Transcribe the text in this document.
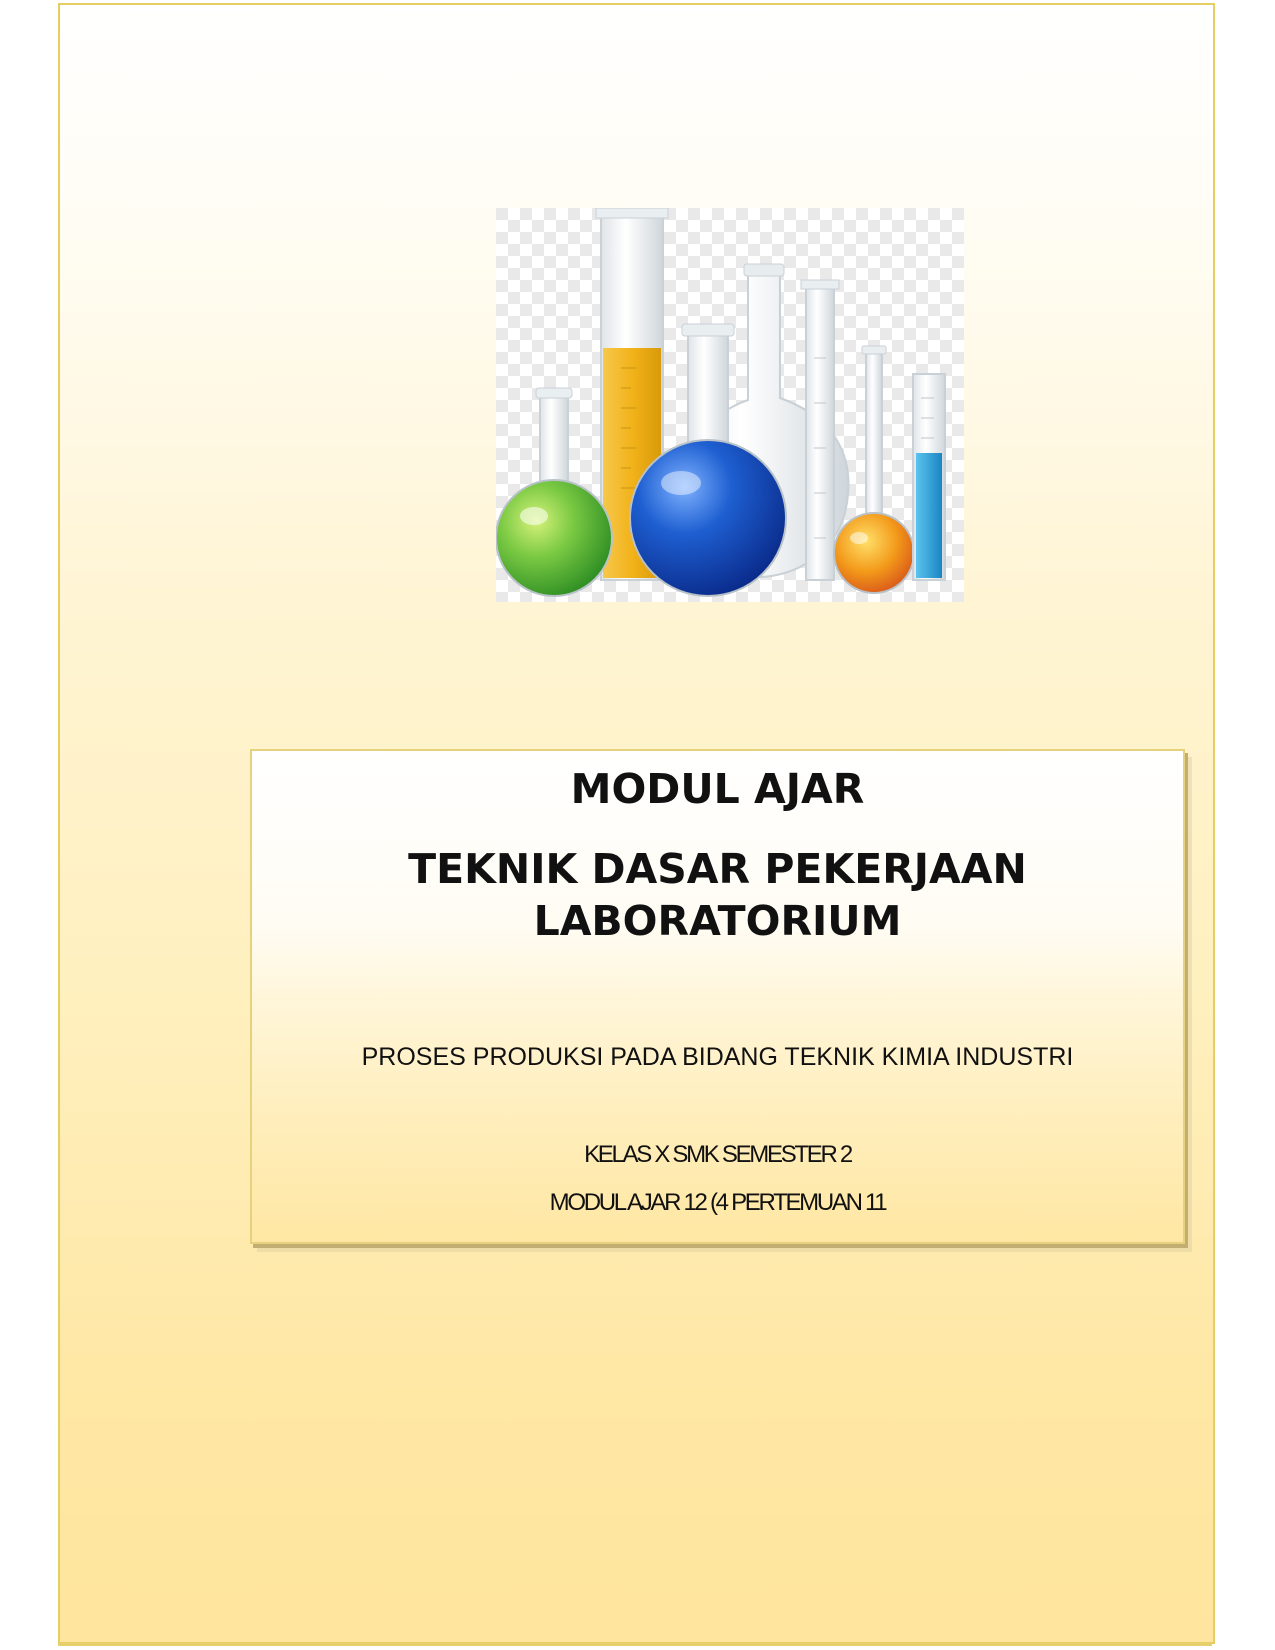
MODUL AJAR
TEKNIK DASAR PEKERJAAN
LABORATORIUM
PROSES PRODUKSI PADA BIDANG TEKNIK KIMIA INDUSTRI
KELAS X SMK SEMESTER 2
MODUL AJAR 12 (4 PERTEMUAN 11
